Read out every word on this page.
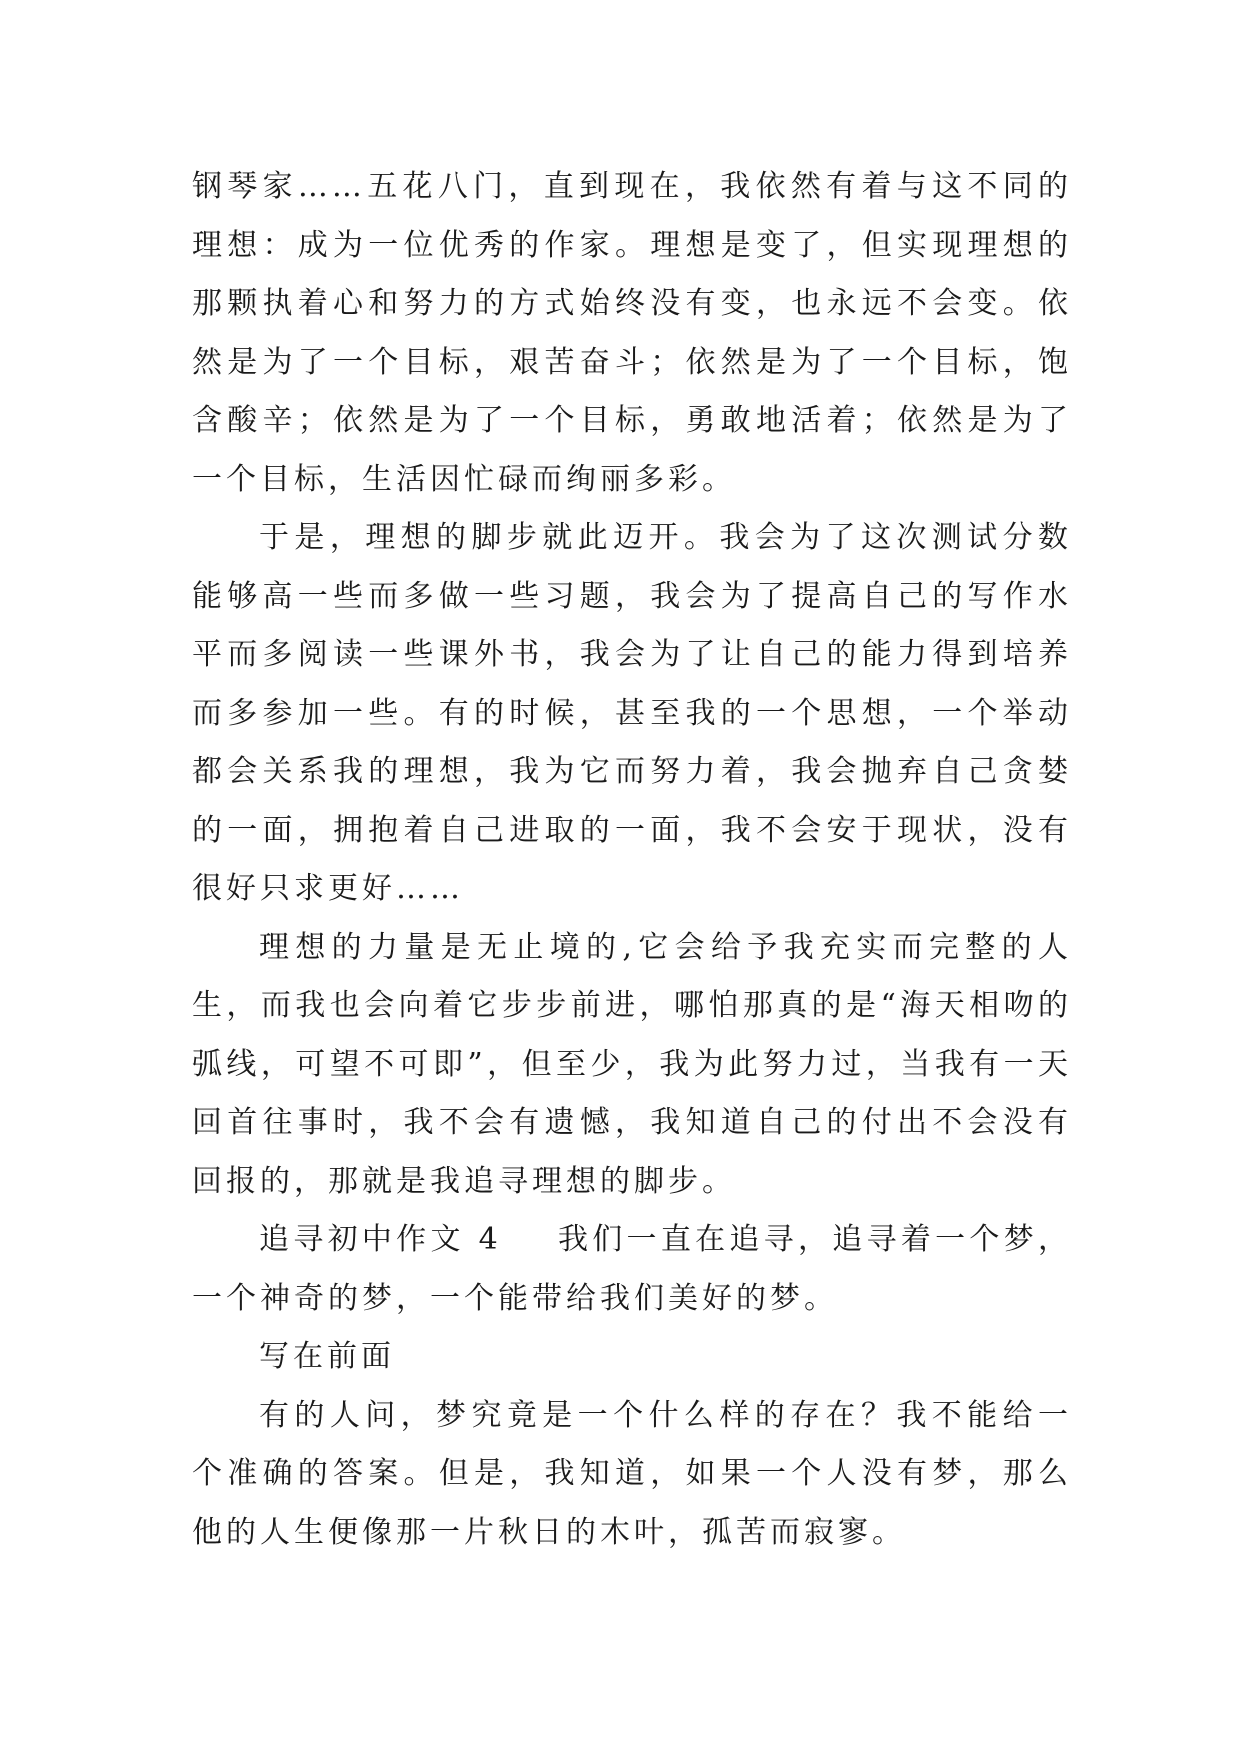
钢琴家……五花八门，直到现在，我依然有着与这不同的理想：成为一位优秀的作家。理想是变了，但实现理想的那颗执着心和努力的方式始终没有变，也永远不会变。依然是为了一个目标，艰苦奋斗；依然是为了一个目标，饱含酸辛；依然是为了一个目标，勇敢地活着；依然是为了一个目标，生活因忙碌而绚丽多彩。

于是，理想的脚步就此迈开。我会为了这次测试分数能够高一些而多做一些习题，我会为了提高自己的写作水平而多阅读一些课外书，我会为了让自己的能力得到培养而多参加一些。有的时候，甚至我的一个思想，一个举动都会关系我的理想，我为它而努力着，我会抛弃自己贪婪的一面，拥抱着自己进取的一面，我不会安于现状，没有很好只求更好……

理想的力量是无止境的,它会给予我充实而完整的人生，而我也会向着它步步前进，哪怕那真的是“海天相吻的弧线，可望不可即”，但至少，我为此努力过，当我有一天回首往事时，我不会有遗憾，我知道自己的付出不会没有回报的，那就是我追寻理想的脚步。

追寻初中作文 4 我们一直在追寻，追寻着一个梦，一个神奇的梦，一个能带给我们美好的梦。

写在前面

有的人问，梦究竟是一个什么样的存在？我不能给一个准确的答案。但是，我知道，如果一个人没有梦，那么他的人生便像那一片秋日的木叶，孤苦而寂寥。
